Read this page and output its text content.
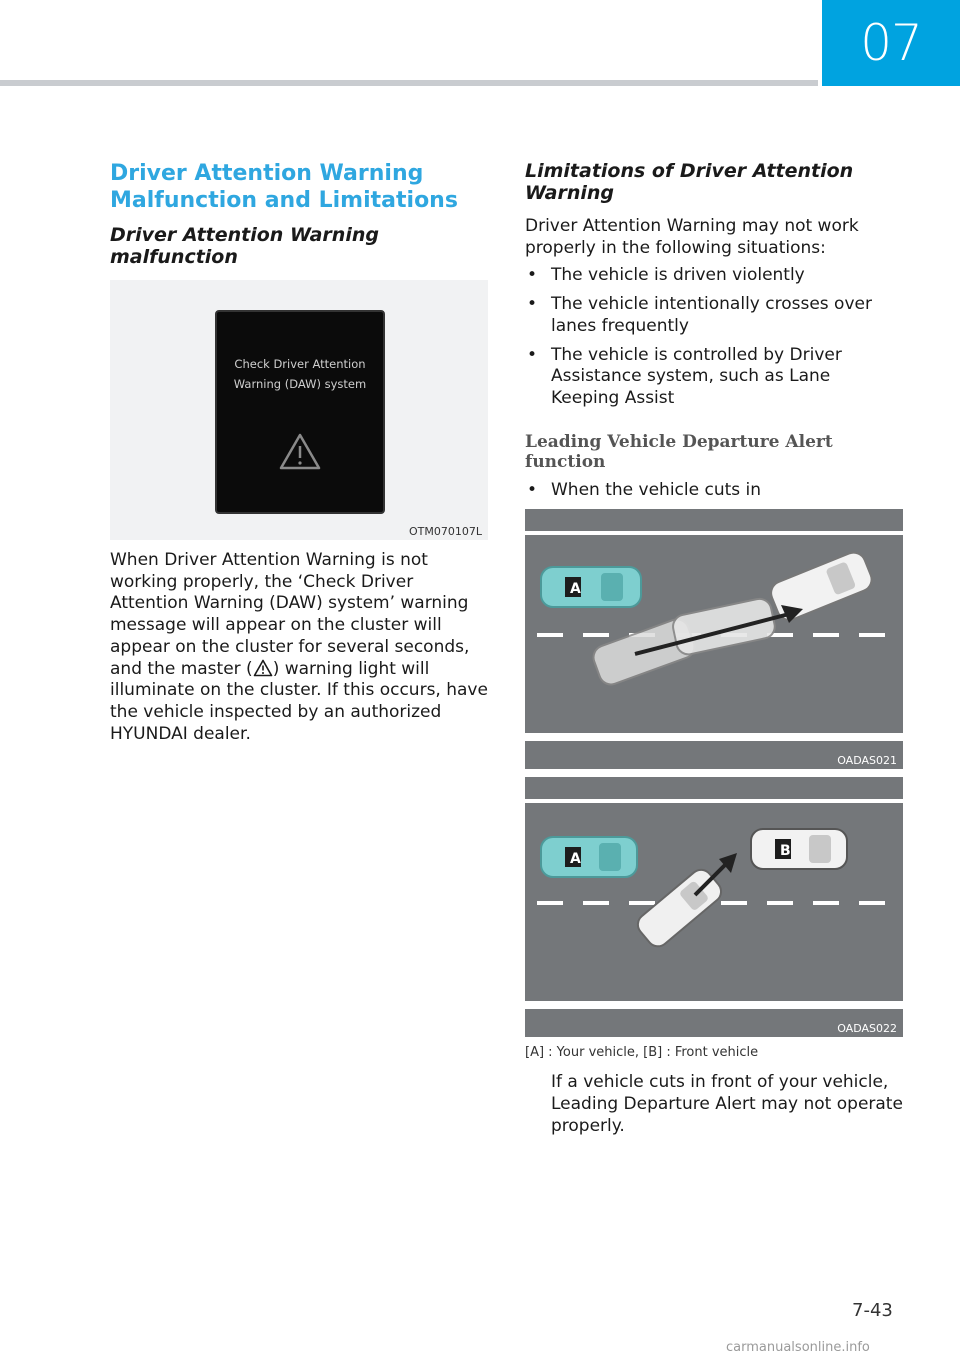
07
Driver Attention Warning Malfunction and Limitations
Driver Attention Warning malfunction
Check Driver Attention
Warning (DAW) system
OTM070107L

When Driver Attention Warning is not working properly, the ‘Check Driver Attention Warning (DAW) system’ warning message will appear on the cluster will appear on the cluster for several seconds, and the master ( ) warning light will illuminate on the cluster. If this occurs, have the vehicle inspected by an authorized HYUNDAI dealer.

Limitations of Driver Attention Warning

Driver Attention Warning may not work properly in the following situations:

• The vehicle is driven violently
• The vehicle intentionally crosses over lanes frequently
• The vehicle is controlled by Driver Assistance system, such as Lane Keeping Assist
Leading Vehicle Departure Alert function
• When the vehicle cuts in
A
OADAS021
A	B
OADAS022
[A] : Your vehicle, [B] : Front vehicle

If a vehicle cuts in front of your vehicle, Leading Departure Alert may not operate properly.

7-43
carmanualsonline.info
